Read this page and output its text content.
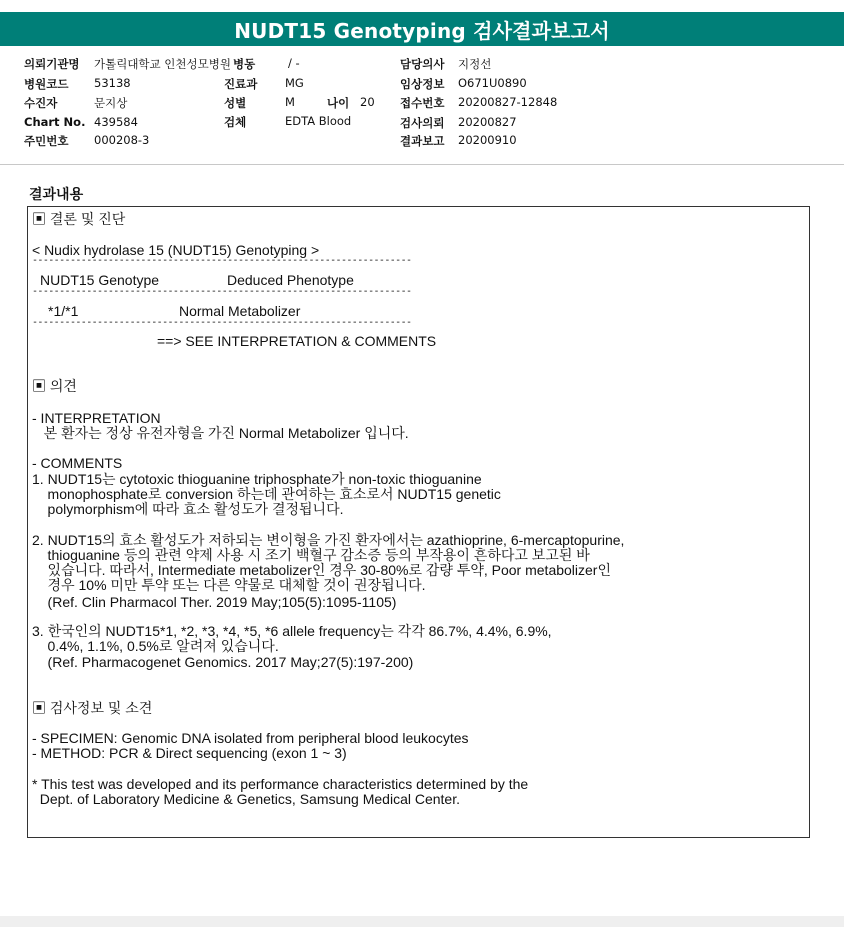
NUDT15 Genotyping 검사결과보고서
의뢰기관명 가톨릭대학교 인천성모병원
병원코드 53138
수진자	문지상
Chart No. 439584
주민번호 000208-3
병동	/ -
진료과 MG
성별	M	나이 20
검체	EDTA Blood
담당의사 지정선
임상정보 O671U0890
접수번호 20200827-12848
검사의뢰 20200827
결과보고 20200910
결과내용
▣ 결론 및 진단
< Nudix hydrolase 15 (NUDT15) Genotyping >
----------------------------------------------------------------------
NUDT15 Genotype	Deduced Phenotype
----------------------------------------------------------------------
*1/*1	Normal Metabolizer
----------------------------------------------------------------------
==> SEE INTERPRETATION & COMMENTS
▣ 의견
- INTERPRETATION
본 환자는 정상 유전자형을 가진 Normal Metabolizer 입니다.
- COMMENTS
1. NUDT15는 cytotoxic thioguanine triphosphate가 non-toxic thioguanine
monophosphate로 conversion 하는데 관여하는 효소로서 NUDT15 genetic
polymorphism에 따라 효소 활성도가 결정됩니다.
2. NUDT15의 효소 활성도가 저하되는 변이형을 가진 환자에서는 azathioprine, 6-mercaptopurine,
thioguanine 등의 관련 약제 사용 시 조기 백혈구 감소증 등의 부작용이 흔하다고 보고된 바
있습니다. 따라서, Intermediate metabolizer인 경우 30-80%로 감량 투약, Poor metabolizer인
경우 10% 미만 투약 또는 다른 약물로 대체할 것이 권장됩니다.
(Ref. Clin Pharmacol Ther. 2019 May;105(5):1095-1105)
3. 한국인의 NUDT15*1, *2, *3, *4, *5, *6 allele frequency는 각각 86.7%, 4.4%, 6.9%,
0.4%, 1.1%, 0.5%로 알려져 있습니다.
(Ref. Pharmacogenet Genomics. 2017 May;27(5):197-200)
▣ 검사정보 및 소견
- SPECIMEN: Genomic DNA isolated from peripheral blood leukocytes
- METHOD: PCR & Direct sequencing (exon 1 ~ 3)
* This test was developed and its performance characteristics determined by the
Dept. of Laboratory Medicine & Genetics, Samsung Medical Center.
